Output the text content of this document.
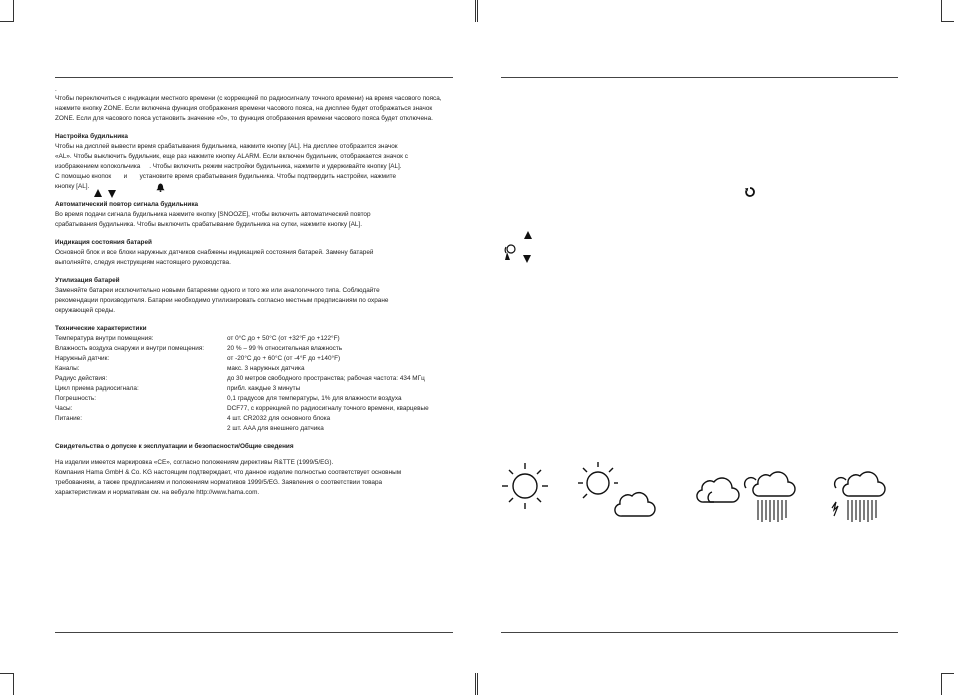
.

Чтобы переключиться с индикации местного времени (с коррекцией по радиосигналу точного времени) на время часового пояса, нажмите кнопку ZONE. Если включена функция отображения времени часового пояса, на дисплее будет отображаться значок ZONE. Если для часового пояса установить значение «0», то функция отображения времени часового пояса будет отключена.

Настройка будильника
Чтобы на дисплей вывести время срабатывания будильника, нажмите кнопку [AL]. На дисплее отобразится значок
«AL». Чтобы выключить будильник, еще раз нажмите кнопку ALARM. Если включен будильник, отображается значок с
изображением колокольчика     . Чтобы включить режим настройки будильника, нажмите и удерживайте кнопку [AL].
С помощью кнопок       и       установите время срабатывания будильника. Чтобы подтвердить настройки, нажмите
кнопку [AL].
Автоматический повтор сигнала будильника
Во время подачи сигнала будильника нажмите кнопку [SNOOZE], чтобы включить автоматический повтор
срабатывания будильника. Чтобы выключить срабатывание будильника на сутки, нажмите кнопку [AL].
Индикация состояния батарей
Основной блок и все блоки наружных датчиков снабжены индикацией состояния батарей. Замену батарей
выполняйте, следуя инструкциям настоящего руководства.
Утилизация батарей
Заменяйте батареи исключительно новыми батареями одного и того же или аналогичного типа. Соблюдайте
рекомендации производителя. Батареи необходимо утилизировать согласно местным предписаниям по охране
окружающей среды.
Технические характеристики
Температура внутри помещения:	от 0°C до + 50°C (от +32°F до +122°F)
Влажность воздуха снаружи и внутри помещения:	20 % – 99 % относительная влажность
Наружный датчик:	от -20°C до + 60°C (от -4°F до +140°F)
Каналы:	макс. 3 наружных датчика
Радиус действия:	до 30 метров свободного пространства; рабочая частота: 434 МГц
Цикл приема радиосигнала:	прибл. каждые 3 минуты
Погрешность:	0,1 градусов для температуры, 1% для влажности воздуха
Часы:	DCF77, с коррекцией по радиосигналу точного времени, кварцевые
Питание:	4 шт. CR2032 для основного блока
2 шт. AAA для внешнего датчика
Свидетельства о допуске к эксплуатации и безопасности/Общие сведения
На изделии имеется маркировка «CE», согласно положениям директивы R&TTE (1999/5/EG).
Компания Hama GmbH & Co. KG настоящим подтверждает, что данное изделие полностью соответствует основным
требованиям, а также предписаниям и положениям нормативов 1999/5/EG. Заявления о соответствии товара
характеристикам и нормативам см. на вебузле http://www.hama.com.
